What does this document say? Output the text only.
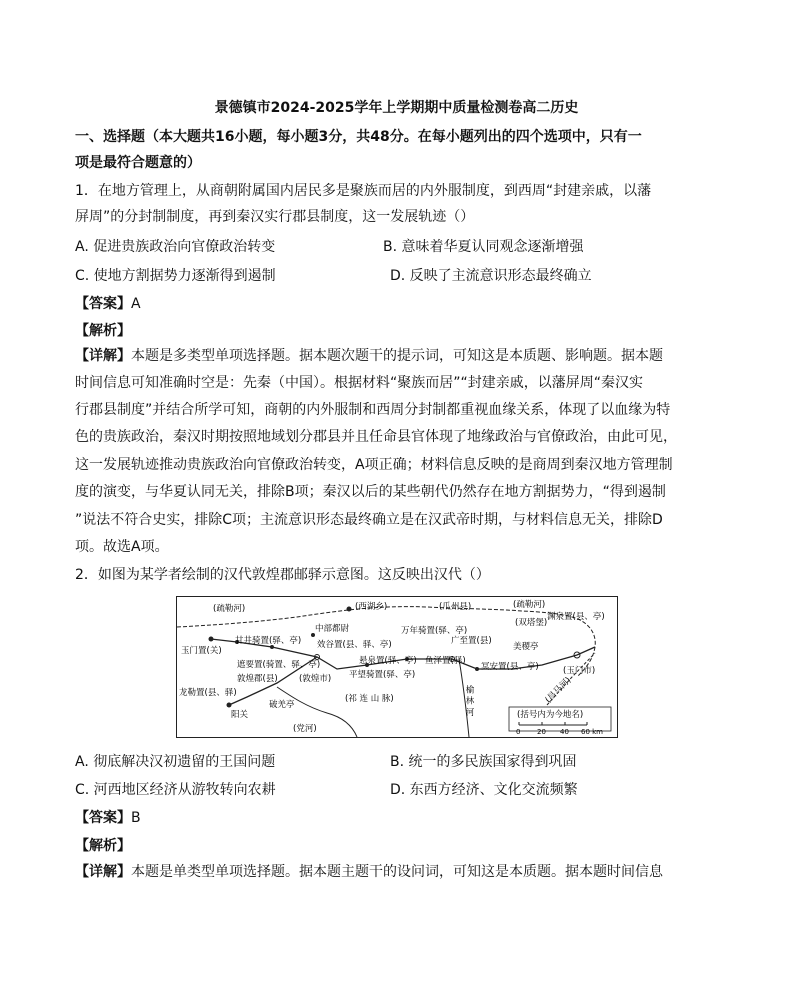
景德镇市2024-2025学年上学期期中质量检测卷高二历史
一、选择题（本大题共16小题，每小题3分，共48分。在每小题列出的四个选项中，只有一
项是最符合题意的）
1．在地方管理上，从商朝附属国内居民多是聚族而居的内外服制度，到西周“封建亲戚，以藩
屏周”的分封制制度，再到秦汉实行郡县制度，这一发展轨迹（）
A. 促进贵族政治向官僚政治转变	B. 意味着华夏认同观念逐渐增强
C. 使地方割据势力逐渐得到遏制	D. 反映了主流意识形态最终确立
【答案】A
【解析】
【详解】本题是多类型单项选择题。据本题次题干的提示词，可知这是本质题、影响题。据本题
时间信息可知准确时空是：先秦（中国）。根据材料“聚族而居”“封建亲戚，以藩屏周“秦汉实
行郡县制度”并结合所学可知，商朝的内外服制和西周分封制都重视血缘关系，体现了以血缘为特
色的贵族政治，秦汉时期按照地域划分郡县并且任命县官体现了地缘政治与官僚政治，由此可见，
这一发展轨迹推动贵族政治向官僚政治转变，A项正确；材料信息反映的是商周到秦汉地方管理制
度的演变，与华夏认同无关，排除B项；秦汉以后的某些朝代仍然存在地方割据势力，“得到遏制
”说法不符合史实，排除C项；主流意识形态最终确立是在汉武帝时期，与材料信息无关，排除D
项。故选A项。
2．如图为某学者绘制的汉代敦煌郡邮驿示意图。这反映出汉代（）
(疏勒河)	(西湖乡)	(瓜州县)	(疏勒河)
渊泉置(县、亭)
(双塔堡)
中部都尉	万年骑置(驿、亭)
玉门置(关)
甘井骑置(驿、亭) 效谷置(县、驿、亭)	广至置(县)
美稷亭
(玉门市)
遮要置(骑置、驿、亭)	悬泉置(驿、亭) 鱼泽置(驿)
冥安置(县、亭)
敦煌郡(县)	(敦煌市) 平望骑置(驿、亭)
龙勒置(县、驿)
(祁 连 山 脉)
阳关
破羌亭
(党河)
榆 林 河	(昌马河)
(括号内为今地名)
0 20 40 60 km
A. 彻底解决汉初遗留的王国问题	B. 统一的多民族国家得到巩固
C. 河西地区经济从游牧转向农耕	D. 东西方经济、文化交流频繁
【答案】B
【解析】
【详解】本题是单类型单项选择题。据本题主题干的设问词，可知这是本质题。据本题时间信息
